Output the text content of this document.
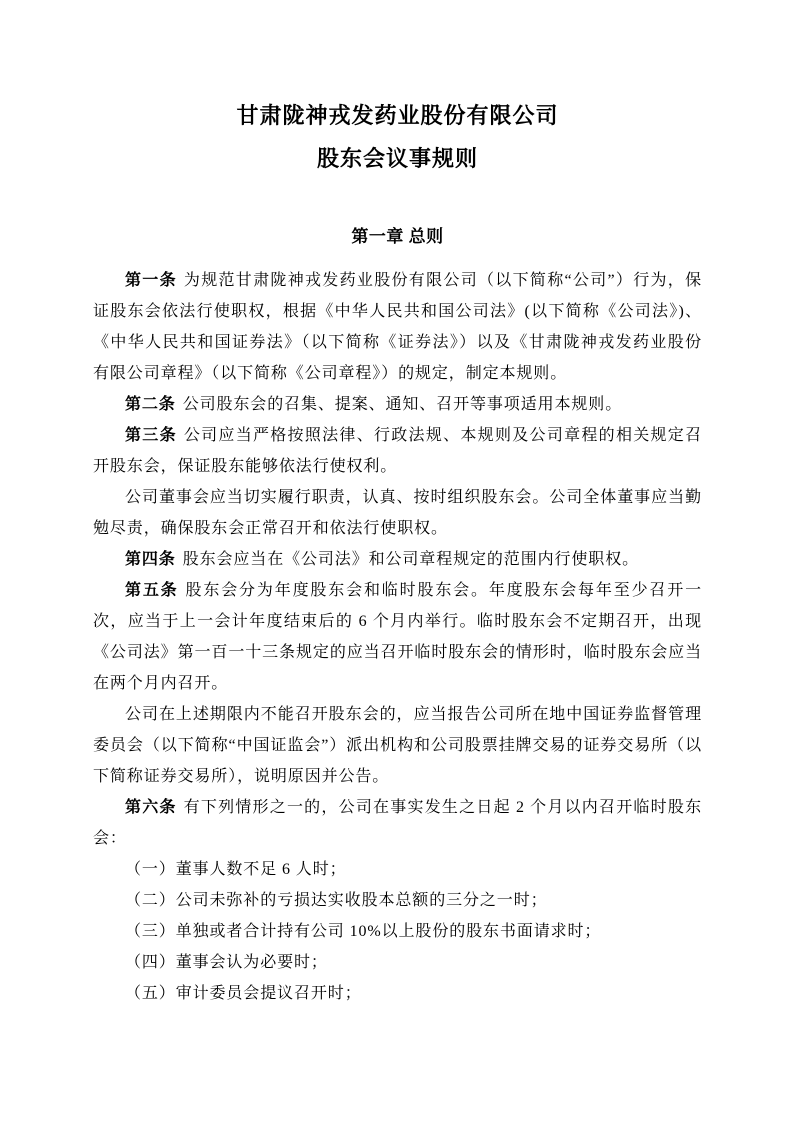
甘肃陇神戎发药业股份有限公司
股东会议事规则
第一章 总则

第一条 为规范甘肃陇神戎发药业股份有限公司（以下简称“公司”）行为，保证股东会依法行使职权，根据《中华人民共和国公司法》(以下简称《公司法》)、《中华人民共和国证券法》（以下简称《证券法》）以及《甘肃陇神戎发药业股份有限公司章程》（以下简称《公司章程》）的规定，制定本规则。

第二条 公司股东会的召集、提案、通知、召开等事项适用本规则。

第三条 公司应当严格按照法律、行政法规、本规则及公司章程的相关规定召开股东会，保证股东能够依法行使权利。

公司董事会应当切实履行职责，认真、按时组织股东会。公司全体董事应当勤勉尽责，确保股东会正常召开和依法行使职权。

第四条 股东会应当在《公司法》和公司章程规定的范围内行使职权。

第五条 股东会分为年度股东会和临时股东会。年度股东会每年至少召开一次，应当于上一会计年度结束后的 6 个月内举行。临时股东会不定期召开，出现《公司法》第一百一十三条规定的应当召开临时股东会的情形时，临时股东会应当在两个月内召开。

公司在上述期限内不能召开股东会的，应当报告公司所在地中国证券监督管理委员会（以下简称“中国证监会”）派出机构和公司股票挂牌交易的证券交易所（以下简称证券交易所），说明原因并公告。

第六条 有下列情形之一的，公司在事实发生之日起 2 个月以内召开临时股东会：

（一）董事人数不足 6 人时；

（二）公司未弥补的亏损达实收股本总额的三分之一时；

（三）单独或者合计持有公司 10%以上股份的股东书面请求时；

（四）董事会认为必要时；

（五）审计委员会提议召开时；
